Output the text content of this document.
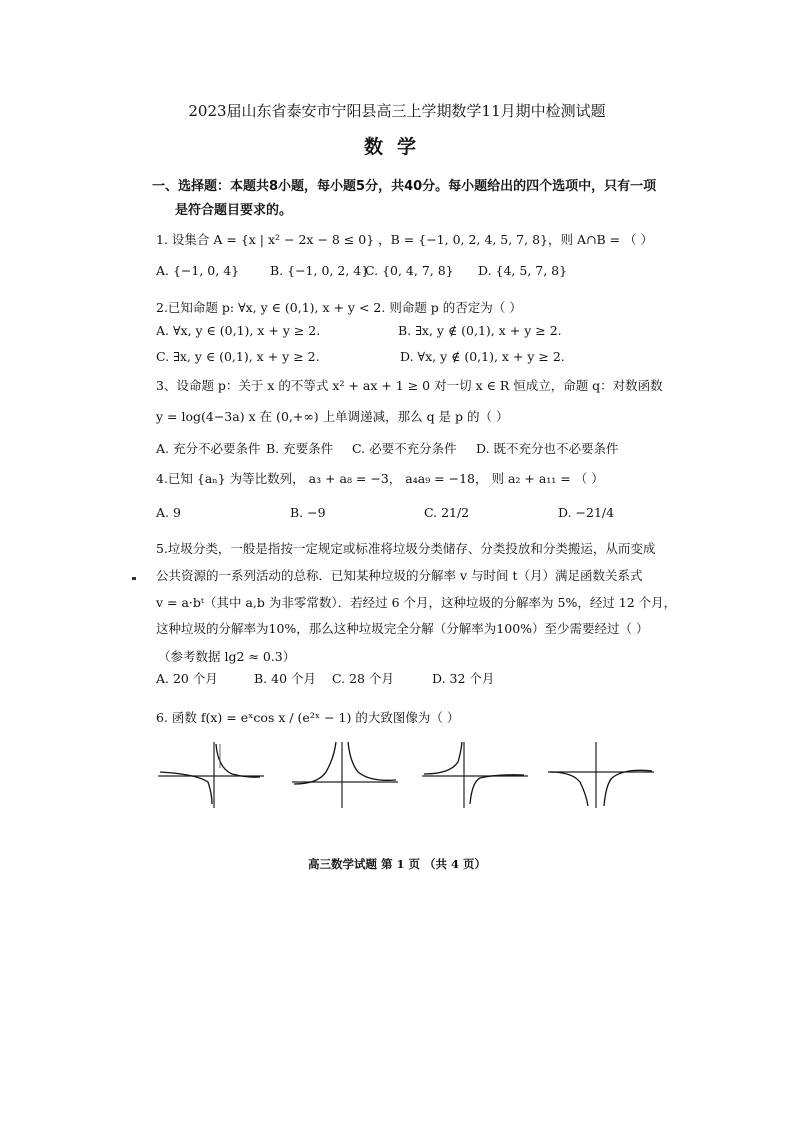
2023届山东省泰安市宁阳县高三上学期数学11月期中检测试题
数学
一、选择题：本题共8小题，每小题5分，共40分。每小题给出的四个选项中，只有一项
是符合题目要求的。
1. 设集合 A = {x | x² − 2x − 8 ≤ 0} ，B = {−1, 0, 2, 4, 5, 7, 8}，则 A∩B = （ ）
A. {−1, 0, 4} B. {−1, 0, 2, 4}
C. {0, 4, 7, 8} D. {4, 5, 7, 8}
2.已知命题 p: ∀x, y ∈ (0,1), x + y < 2. 则命题 p 的否定为（ ）
A. ∀x, y ∈ (0,1), x + y ≥ 2.	B. ∃x, y ∉ (0,1), x + y ≥ 2.
C. ∃x, y ∈ (0,1), x + y ≥ 2.	D. ∀x, y ∉ (0,1), x + y ≥ 2.
3、设命题 p：关于 x 的不等式 x² + ax + 1 ≥ 0 对一切 x ∈ R 恒成立，命题 q：对数函数
y = log(4−3a) x 在 (0,+∞) 上单调递减，那么 q 是 p 的（ ）
A. 充分不必要条件 B. 充要条件 C. 必要不充分条件 D. 既不充分也不必要条件
4.已知 {aₙ} 为等比数列， a₃ + a₈ = −3， a₄a₉ = −18， 则 a₂ + a₁₁ = （ ）
A. 9	B. −9	C. 21/2	D. −21/4
5.垃圾分类，一般是指按一定规定或标准将垃圾分类储存、分类投放和分类搬运，从而变成
公共资源的一系列活动的总称．已知某种垃圾的分解率 v 与时间 t（月）满足函数关系式
v = a·bᵗ（其中 a,b 为非零常数）．若经过 6 个月，这种垃圾的分解率为 5%，经过 12 个月，
这种垃圾的分解率为10%，那么这种垃圾完全分解（分解率为100%）至少需要经过（ ）
（参考数据 lg2 ≈ 0.3）
A. 20 个月	B. 40 个月 C. 28 个月	D. 32 个月
6. 函数 f(x) = eˣcos x / (e²ˣ − 1) 的大致图像为（ ）
高三数学试题 第 1 页 （共 4 页）
